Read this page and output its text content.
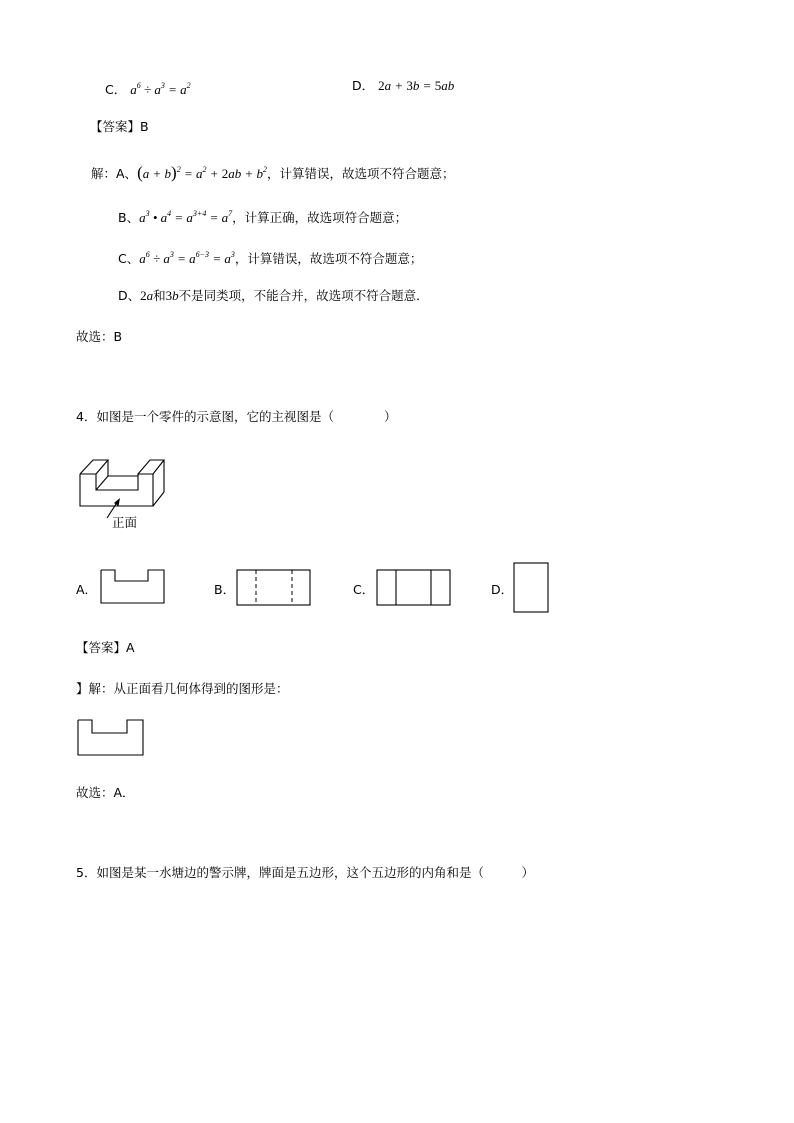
C． $a^6 \div a^3 = a^2$	D． 2a + 3b = 5ab
【答案】B
解：A、$(a + b)^2 = a^2 + 2ab + b^2$，计算错误，故选项不符合题意；
B、$a^3$ • $a^4 = a^{3+4} = a^7$，计算正确，故选项符合题意；
C、$a^6 \div a^3 = a^{6-3} = a^3$，计算错误，故选项不符合题意；
D、2a和3b不是同类项，不能合并，故选项不符合题意．
故选：B
4．如图是一个零件的示意图，它的主视图是（　　　　）
正面
A．	B．	C．	D．
【答案】A
】解：从正面看几何体得到的图形是：
故选：A．
5．如图是某一水塘边的警示牌，牌面是五边形，这个五边形的内角和是（　　　）
